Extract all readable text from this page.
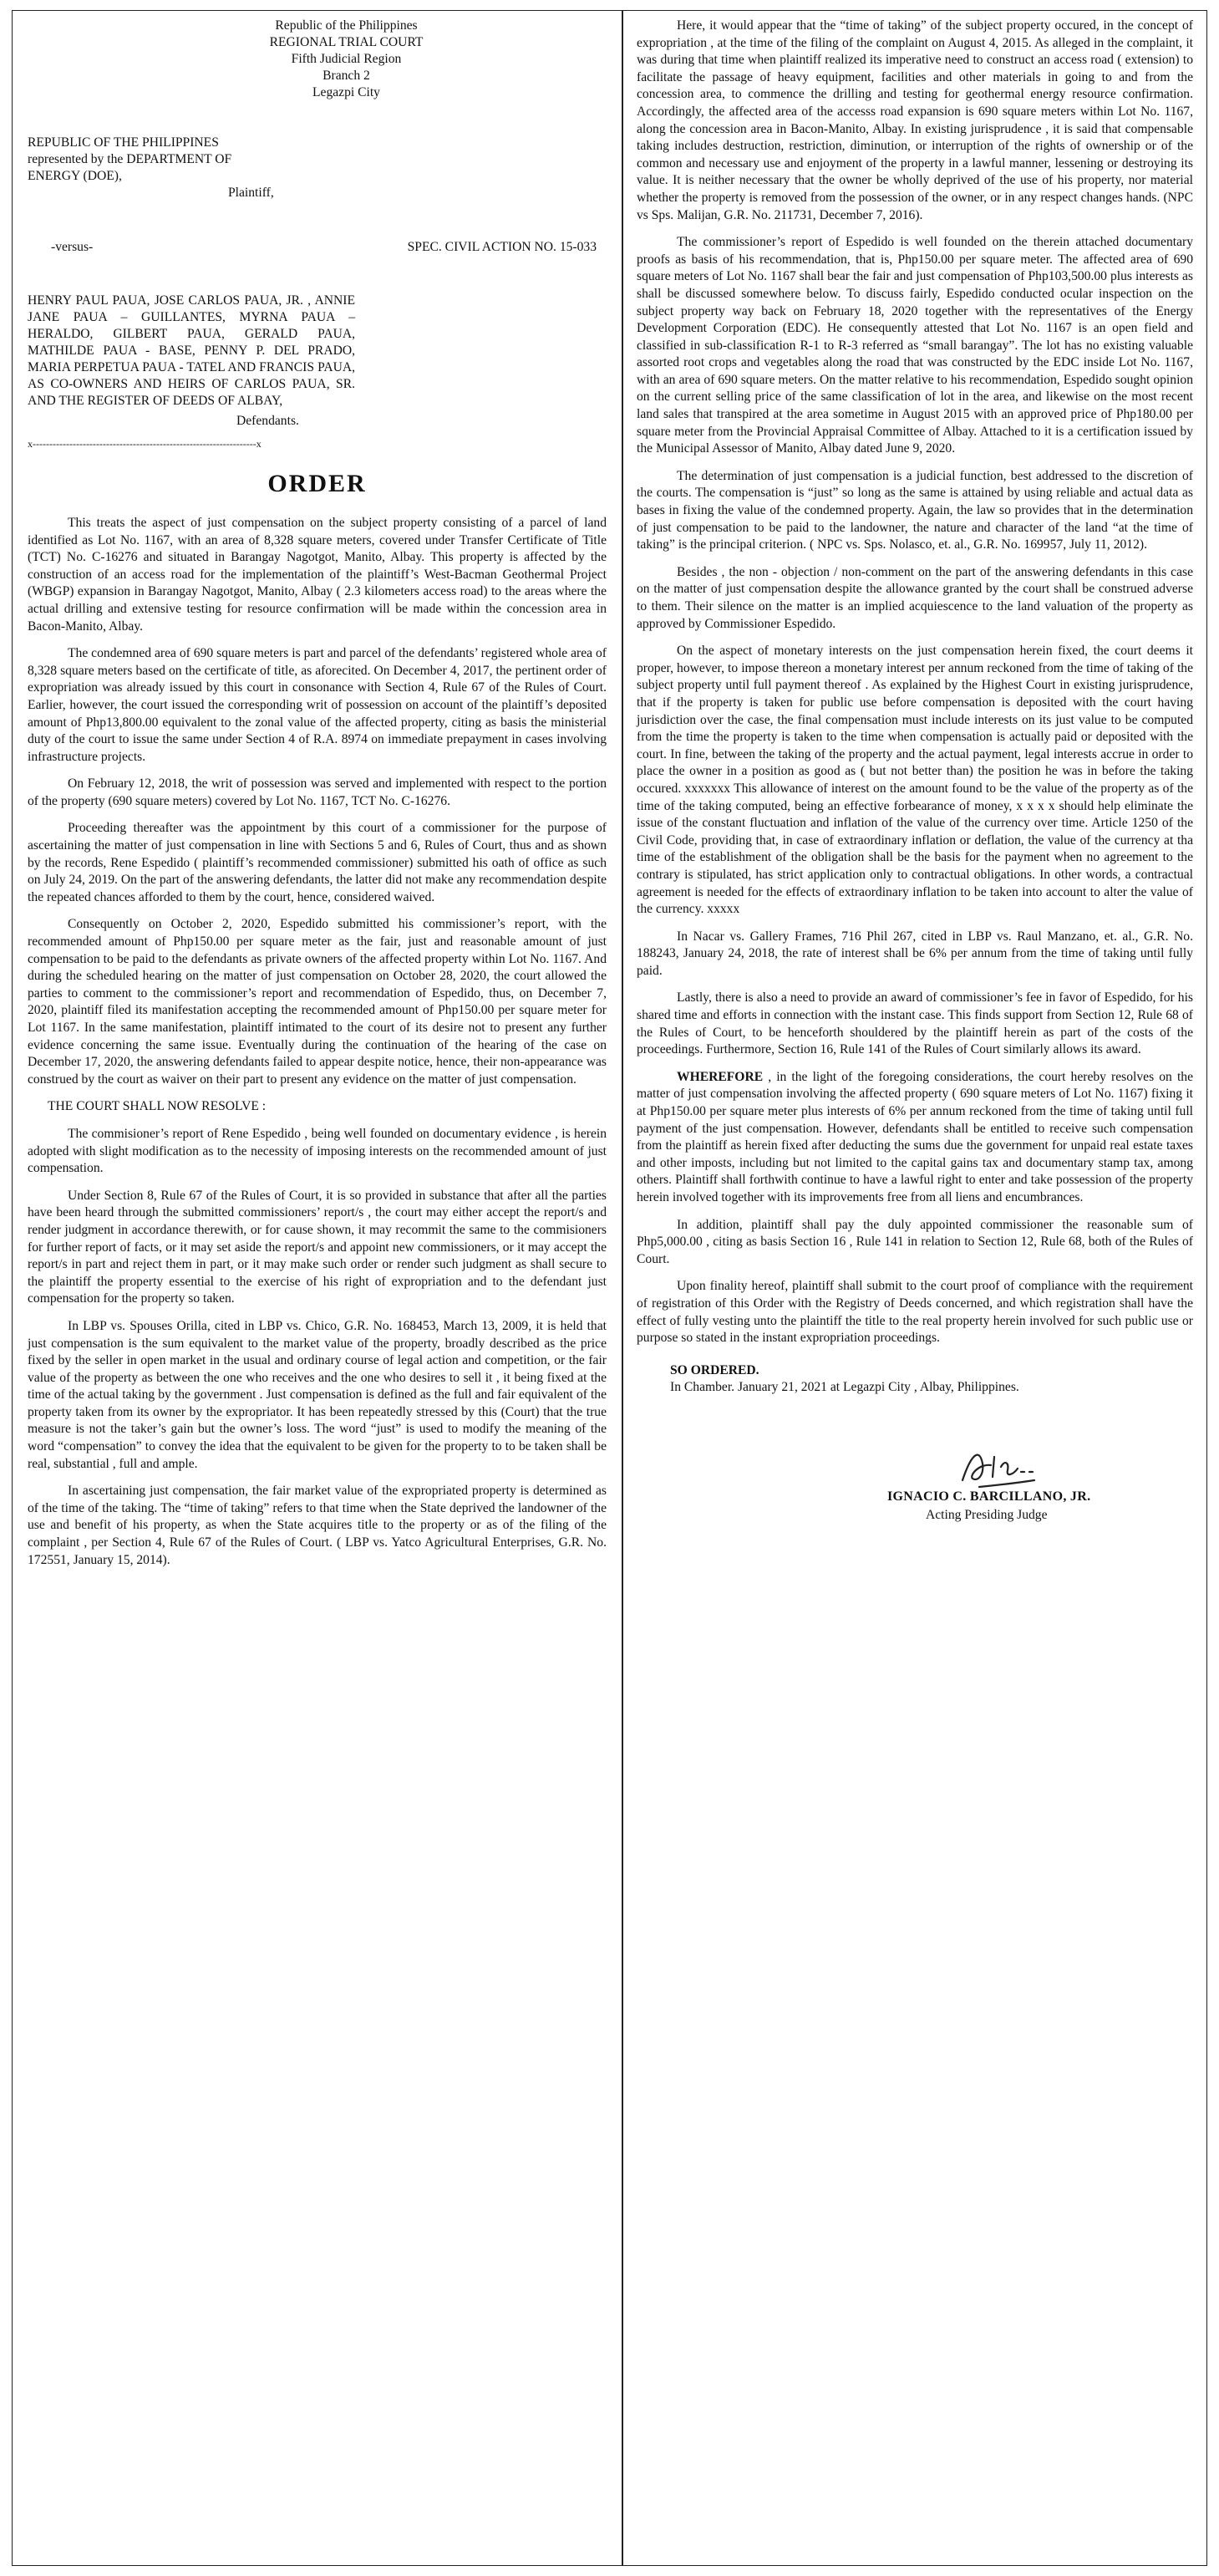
Republic of the Philippines
REGIONAL TRIAL COURT
Fifth Judicial Region
Branch 2
Legazpi City
REPUBLIC OF THE PHILIPPINES represented by the DEPARTMENT OF ENERGY (DOE),
Plaintiff,
-versus-	SPEC. CIVIL ACTION NO. 15-033
HENRY PAUL PAUA, JOSE CARLOS PAUA, JR. , ANNIE JANE PAUA – GUILLANTES, MYRNA PAUA – HERALDO, GILBERT PAUA, GERALD PAUA, MATHILDE PAUA - BASE, PENNY P. DEL PRADO, MARIA PERPETUA PAUA - TATEL AND FRANCIS PAUA, AS CO-OWNERS AND HEIRS OF CARLOS PAUA, SR. AND THE REGISTER OF DEEDS OF ALBAY,
Defendants.
x-------------------------------------------------------------------x
ORDER

This treats the aspect of just compensation on the subject property consisting of a parcel of land identified as Lot No. 1167, with an area of 8,328 square meters, covered under Transfer Certificate of Title (TCT) No. C-16276 and situated in Barangay Nagotgot, Manito, Albay. This property is affected by the construction of an access road for the implementation of the plaintiff’s West-Bacman Geothermal Project (WBGP) expansion in Barangay Nagotgot, Manito, Albay ( 2.3 kilometers access road) to the areas where the actual drilling and extensive testing for resource confirmation will be made within the concession area in Bacon-Manito, Albay.

The condemned area of 690 square meters is part and parcel of the defendants’ registered whole area of 8,328 square meters based on the certificate of title, as aforecited. On December 4, 2017, the pertinent order of expropriation was already issued by this court in consonance with Section 4, Rule 67 of the Rules of Court. Earlier, however, the court issued the corresponding writ of possession on account of the plaintiff’s deposited amount of Php13,800.00 equivalent to the zonal value of the affected property, citing as basis the ministerial duty of the court to issue the same under Section 4 of R.A. 8974 on immediate prepayment in cases involving infrastructure projects.

On February 12, 2018, the writ of possession was served and implemented with respect to the portion of the property (690 square meters) covered by Lot No. 1167, TCT No. C-16276.

Proceeding thereafter was the appointment by this court of a commissioner for the purpose of ascertaining the matter of just compensation in line with Sections 5 and 6, Rules of Court, thus and as shown by the records, Rene Espedido ( plaintiff’s recommended commissioner) submitted his oath of office as such on July 24, 2019. On the part of the answering defendants, the latter did not make any recommendation despite the repeated chances afforded to them by the court, hence, considered waived.

Consequently on October 2, 2020, Espedido submitted his commissioner’s report, with the recommended amount of Php150.00 per square meter as the fair, just and reasonable amount of just compensation to be paid to the defendants as private owners of the affected property within Lot No. 1167. And during the scheduled hearing on the matter of just compensation on October 28, 2020, the court allowed the parties to comment to the commissioner’s report and recommendation of Espedido, thus, on December 7, 2020, plaintiff filed its manifestation accepting the recommended amount of Php150.00 per square meter for Lot 1167. In the same manifestation, plaintiff intimated to the court of its desire not to present any further evidence concerning the same issue. Eventually during the continuation of the hearing of the case on December 17, 2020, the answering defendants failed to appear despite notice, hence, their non-appearance was construed by the court as waiver on their part to present any evidence on the matter of just compensation.

THE COURT SHALL NOW RESOLVE :

The commisioner’s report of Rene Espedido , being well founded on documentary evidence , is herein adopted with slight modification as to the necessity of imposing interests on the recommended amount of just compensation.

Under Section 8, Rule 67 of the Rules of Court, it is so provided in substance that after all the parties have been heard through the submitted commissioners’ report/s , the court may either accept the report/s and render judgment in accordance therewith, or for cause shown, it may recommit the same to the commisioners for further report of facts, or it may set aside the report/s and appoint new commissioners, or it may accept the report/s in part and reject them in part, or it may make such order or render such judgment as shall secure to the plaintiff the property essential to the exercise of his right of expropriation and to the defendant just compensation for the property so taken.

In LBP vs. Spouses Orilla, cited in LBP vs. Chico, G.R. No. 168453, March 13, 2009, it is held that just compensation is the sum equivalent to the market value of the property, broadly described as the price fixed by the seller in open market in the usual and ordinary course of legal action and competition, or the fair value of the property as between the one who receives and the one who desires to sell it , it being fixed at the time of the actual taking by the government . Just compensation is defined as the full and fair equivalent of the property taken from its owner by the expropriator. It has been repeatedly stressed by this (Court) that the true measure is not the taker’s gain but the owner’s loss. The word “just” is used to modify the meaning of the word “compensation” to convey the idea that the equivalent to be given for the property to to be taken shall be real, substantial , full and ample.

In ascertaining just compensation, the fair market value of the expropriated property is determined as of the time of the taking. The “time of taking” refers to that time when the State deprived the landowner of the use and benefit of his property, as when the State acquires title to the property or as of the filing of the complaint , per Section 4, Rule 67 of the Rules of Court. ( LBP vs. Yatco Agricultural Enterprises, G.R. No. 172551, January 15, 2014).

Here, it would appear that the “time of taking” of the subject property occured, in the concept of expropriation , at the time of the filing of the complaint on August 4, 2015. As alleged in the complaint, it was during that time when plaintiff realized its imperative need to construct an access road ( extension) to facilitate the passage of heavy equipment, facilities and other materials in going to and from the concession area, to commence the drilling and testing for geothermal energy resource confirmation. Accordingly, the affected area of the accesss road expansion is 690 square meters within Lot No. 1167, along the concession area in Bacon-Manito, Albay. In existing jurisprudence , it is said that compensable taking includes destruction, restriction, diminution, or interruption of the rights of ownership or of the common and necessary use and enjoyment of the property in a lawful manner, lessening or destroying its value. It is neither necessary that the owner be wholly deprived of the use of his property, nor material whether the property is removed from the possession of the owner, or in any respect changes hands. (NPC vs Sps. Malijan, G.R. No. 211731, December 7, 2016).

The commissioner’s report of Espedido is well founded on the therein attached documentary proofs as basis of his recommendation, that is, Php150.00 per square meter. The affected area of 690 square meters of Lot No. 1167 shall bear the fair and just compensation of Php103,500.00 plus interests as shall be discussed somewhere below. To discuss fairly, Espedido conducted ocular inspection on the subject property way back on February 18, 2020 together with the representatives of the Energy Development Corporation (EDC). He consequently attested that Lot No. 1167 is an open field and classified in sub-classification R-1 to R-3 referred as “small barangay”. The lot has no existing valuable assorted root crops and vegetables along the road that was constructed by the EDC inside Lot No. 1167, with an area of 690 square meters. On the matter relative to his recommendation, Espedido sought opinion on the current selling price of the same classification of lot in the area, and likewise on the most recent land sales that transpired at the area sometime in August 2015 with an approved price of Php180.00 per square meter from the Provincial Appraisal Committee of Albay. Attached to it is a certification issued by the Municipal Assessor of Manito, Albay dated June 9, 2020.

The determination of just compensation is a judicial function, best addressed to the discretion of the courts. The compensation is “just” so long as the same is attained by using reliable and actual data as bases in fixing the value of the condemned property. Again, the law so provides that in the determination of just compensation to be paid to the landowner, the nature and character of the land “at the time of taking” is the principal criterion. ( NPC vs. Sps. Nolasco, et. al., G.R. No. 169957, July 11, 2012).

Besides , the non - objection / non-comment on the part of the answering defendants in this case on the matter of just compensation despite the allowance granted by the court shall be construed adverse to them. Their silence on the matter is an implied acquiescence to the land valuation of the property as approved by Commissioner Espedido.

On the aspect of monetary interests on the just compensation herein fixed, the court deems it proper, however, to impose thereon a monetary interest per annum reckoned from the time of taking of the subject property until full payment thereof . As explained by the Highest Court in existing jurisprudence, that if the property is taken for public use before compensation is deposited with the court having jurisdiction over the case, the final compensation must include interests on its just value to be computed from the time the property is taken to the time when compensation is actually paid or deposited with the court. In fine, between the taking of the property and the actual payment, legal interests accrue in order to place the owner in a position as good as ( but not better than) the position he was in before the taking occured. xxxxxxx This allowance of interest on the amount found to be the value of the property as of the time of the taking computed, being an effective forbearance of money, x x x x should help eliminate the issue of the constant fluctuation and inflation of the value of the currency over time. Article 1250 of the Civil Code, providing that, in case of extraordinary inflation or deflation, the value of the currency at tha time of the establishment of the obligation shall be the basis for the payment when no agreement to the contrary is stipulated, has strict application only to contractual obligations. In other words, a contractual agreement is needed for the effects of extraordinary inflation to be taken into account to alter the value of the currency. xxxxx

In Nacar vs. Gallery Frames, 716 Phil 267, cited in LBP vs. Raul Manzano, et. al., G.R. No. 188243, January 24, 2018, the rate of interest shall be 6% per annum from the time of taking until fully paid.

Lastly, there is also a need to provide an award of commissioner’s fee in favor of Espedido, for his shared time and efforts in connection with the instant case. This finds support from Section 12, Rule 68 of the Rules of Court, to be henceforth shouldered by the plaintiff herein as part of the costs of the proceedings. Furthermore, Section 16, Rule 141 of the Rules of Court similarly allows its award.

WHEREFORE , in the light of the foregoing considerations, the court hereby resolves on the matter of just compensation involving the affected property ( 690 square meters of Lot No. 1167) fixing it at Php150.00 per square meter plus interests of 6% per annum reckoned from the time of taking until full payment of the just compensation. However, defendants shall be entitled to receive such compensation from the plaintiff as herein fixed after deducting the sums due the government for unpaid real estate taxes and other imposts, including but not limited to the capital gains tax and documentary stamp tax, among others. Plaintiff shall forthwith continue to have a lawful right to enter and take possession of the property herein involved together with its improvements free from all liens and encumbrances.

In addition, plaintiff shall pay the duly appointed commissioner the reasonable sum of Php5,000.00 , citing as basis Section 16 , Rule 141 in relation to Section 12, Rule 68, both of the Rules of Court.

Upon finality hereof, plaintiff shall submit to the court proof of compliance with the requirement of registration of this Order with the Registry of Deeds concerned, and which registration shall have the effect of fully vesting unto the plaintiff the title to the real property herein involved for such public use or purpose so stated in the instant expropriation proceedings.

SO ORDERED.

In Chamber. January 21, 2021 at Legazpi City , Albay, Philippines.

IGNACIO C. BARCILLANO, JR.
Acting Presiding Judge
